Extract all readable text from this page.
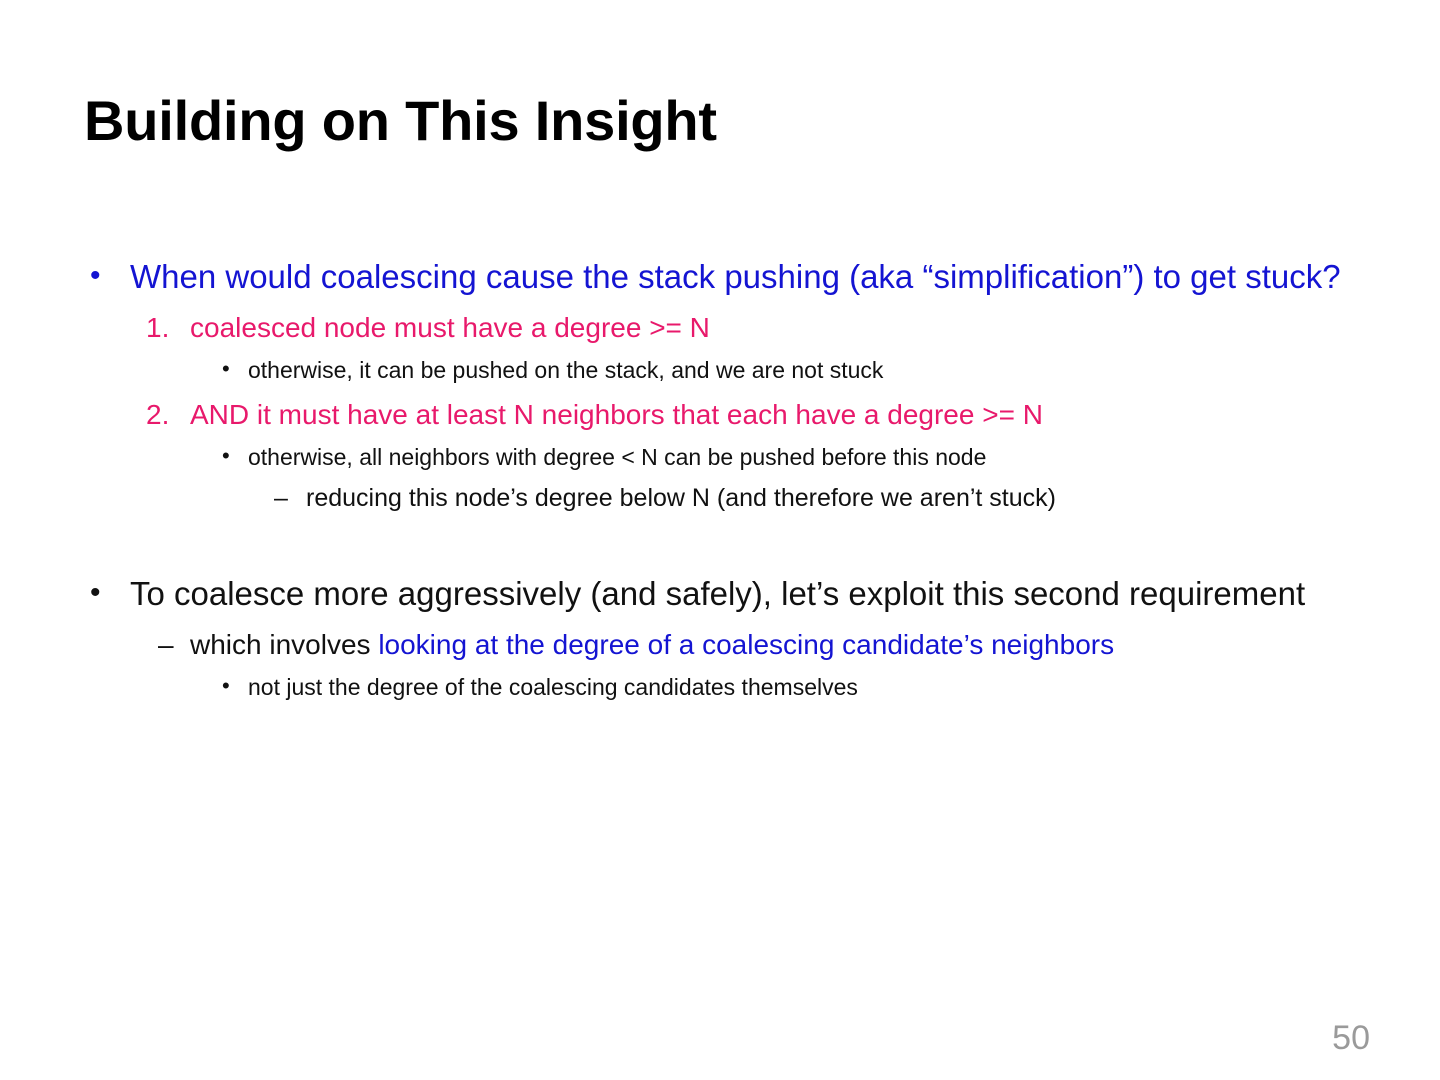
Building on This Insight
• When would coalescing cause the stack pushing (aka “simplification”) to get stuck?
1. coalesced node must have a degree >= N
• otherwise, it can be pushed on the stack, and we are not stuck
2. AND it must have at least N neighbors that each have a degree >= N
• otherwise, all neighbors with degree < N can be pushed before this node
– reducing this node’s degree below N (and therefore we aren’t stuck)
• To coalesce more aggressively (and safely), let’s exploit this second requirement
– which involves looking at the degree of a coalescing candidate’s neighbors
• not just the degree of the coalescing candidates themselves
50
